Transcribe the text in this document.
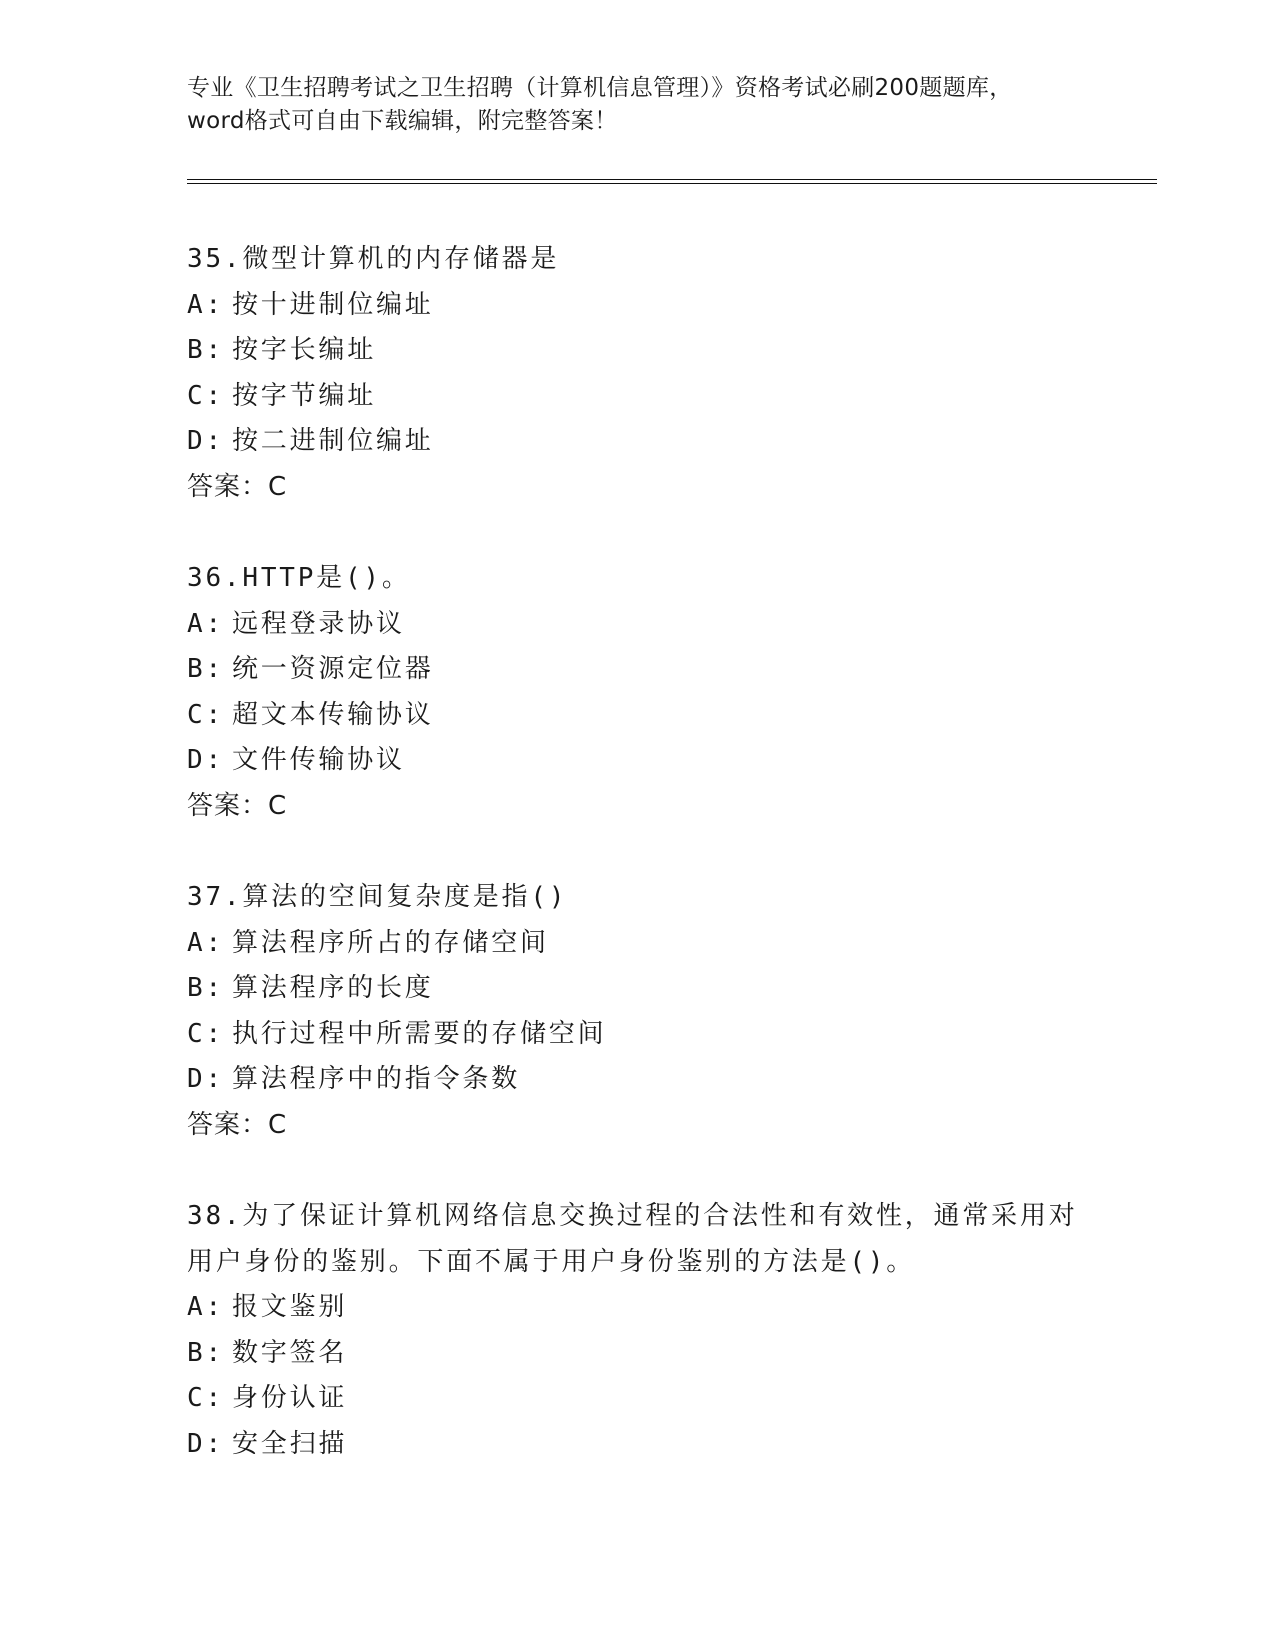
专业《卫生招聘考试之卫生招聘（计算机信息管理）》资格考试必刷200题题库，
word格式可自由下载编辑，附完整答案！
35.微型计算机的内存储器是
A: 按十进制位编址
B: 按字长编址
C: 按字节编址
D: 按二进制位编址
答案：C
36.HTTP是()。
A: 远程登录协议
B: 统一资源定位器
C: 超文本传输协议
D: 文件传输协议
答案：C
37.算法的空间复杂度是指()
A: 算法程序所占的存储空间
B: 算法程序的长度
C: 执行过程中所需要的存储空间
D: 算法程序中的指令条数
答案：C
38.为了保证计算机网络信息交换过程的合法性和有效性，通常采用对
用户身份的鉴别。下面不属于用户身份鉴别的方法是()。
A: 报文鉴别
B: 数字签名
C: 身份认证
D: 安全扫描
